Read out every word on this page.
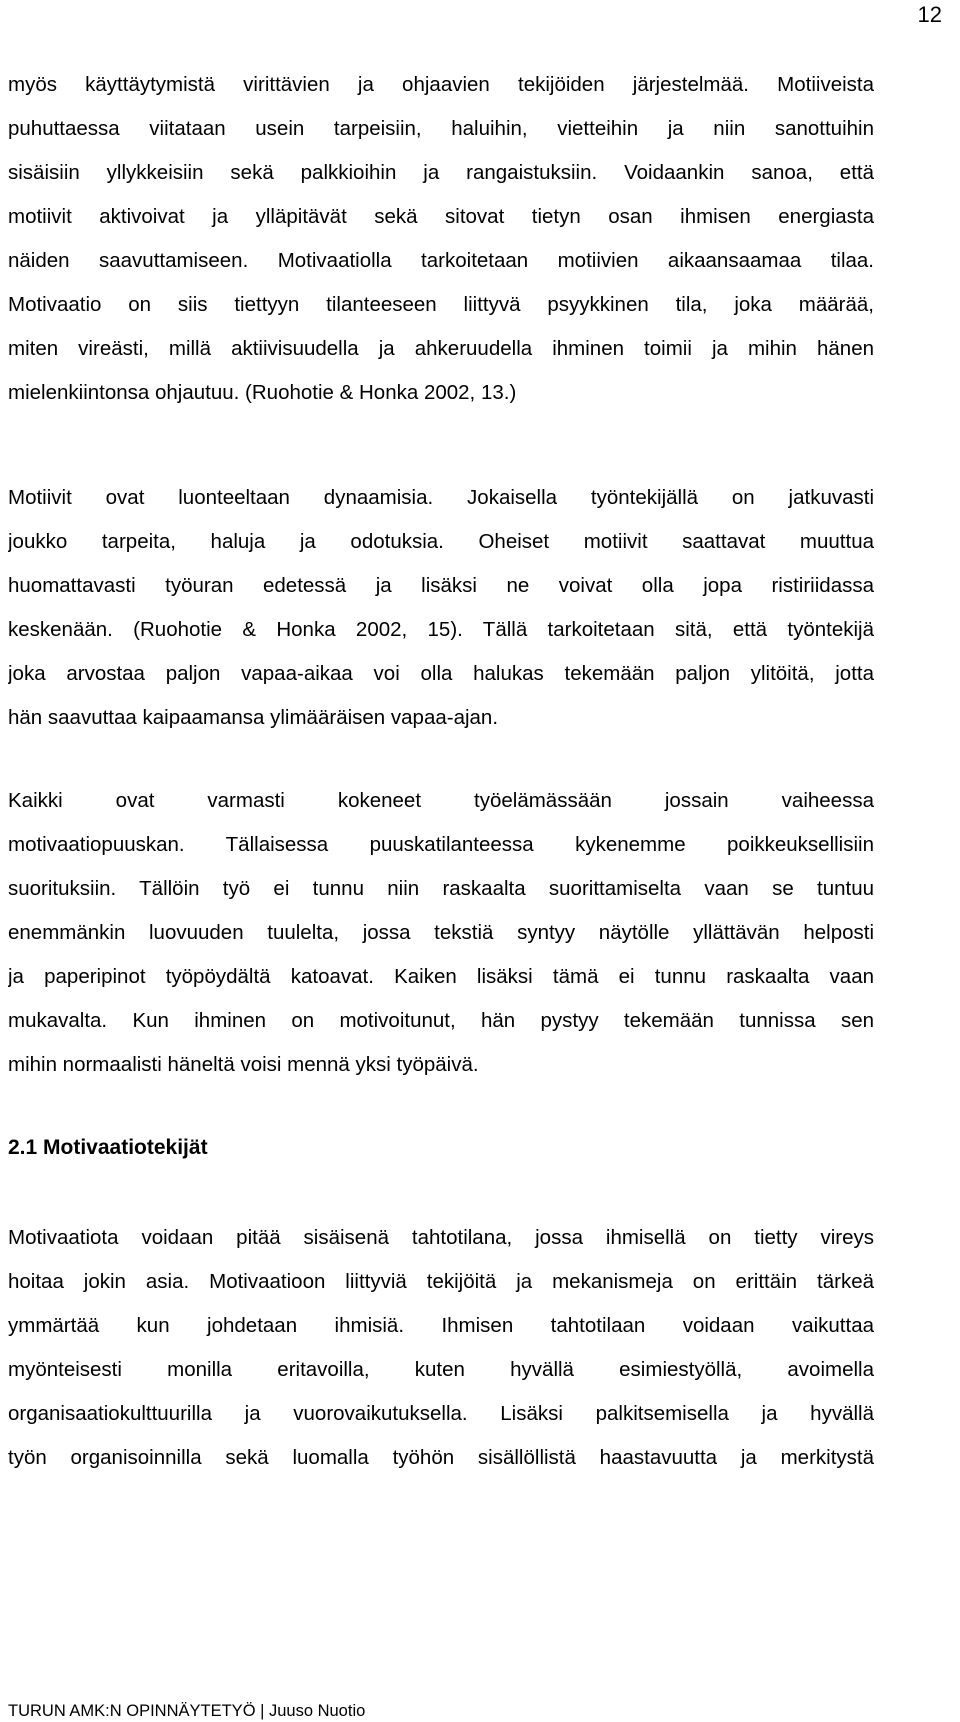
12

myös käyttäytymistä virittävien ja ohjaavien tekijöiden järjestelmää. Motiiveista
puhuttaessa viitataan usein tarpeisiin, haluihin, vietteihin ja niin sanottuihin
sisäisiin yllykkeisiin sekä palkkioihin ja rangaistuksiin. Voidaankin sanoa, että
motiivit aktivoivat ja ylläpitävät sekä sitovat tietyn osan ihmisen energiasta
näiden saavuttamiseen. Motivaatiolla tarkoitetaan motiivien aikaansaamaa tilaa.
Motivaatio on siis tiettyyn tilanteeseen liittyvä psyykkinen tila, joka määrää,
miten vireästi, millä aktiivisuudella ja ahkeruudella ihminen toimii ja mihin hänen
mielenkiintonsa ohjautuu. (Ruohotie & Honka 2002, 13.)

Motiivit ovat luonteeltaan dynaamisia. Jokaisella työntekijällä on jatkuvasti
joukko tarpeita, haluja ja odotuksia. Oheiset motiivit saattavat muuttua
huomattavasti työuran edetessä ja lisäksi ne voivat olla jopa ristiriidassa
keskenään. (Ruohotie & Honka 2002, 15). Tällä tarkoitetaan sitä, että työntekijä
joka arvostaa paljon vapaa-aikaa voi olla halukas tekemään paljon ylitöitä, jotta
hän saavuttaa kaipaamansa ylimääräisen vapaa-ajan.

Kaikki ovat varmasti kokeneet työelämässään jossain vaiheessa
motivaatiopuuskan. Tällaisessa puuskatilanteessa kykenemme poikkeuksellisiin
suorituksiin. Tällöin työ ei tunnu niin raskaalta suorittamiselta vaan se tuntuu
enemmänkin luovuuden tuulelta, jossa tekstiä syntyy näytölle yllättävän helposti
ja paperipinot työpöydältä katoavat. Kaiken lisäksi tämä ei tunnu raskaalta vaan
mukavalta. Kun ihminen on motivoitunut, hän pystyy tekemään tunnissa sen
mihin normaalisti häneltä voisi mennä yksi työpäivä.

2.1 Motivaatiotekijät

Motivaatiota voidaan pitää sisäisenä tahtotilana, jossa ihmisellä on tietty vireys
hoitaa jokin asia. Motivaatioon liittyviä tekijöitä ja mekanismeja on erittäin tärkeä
ymmärtää kun johdetaan ihmisiä. Ihmisen tahtotilaan voidaan vaikuttaa
myönteisesti monilla eritavoilla, kuten hyvällä esimiestyöllä, avoimella
organisaatiokulttuurilla ja vuorovaikutuksella. Lisäksi palkitsemisella ja hyvällä
työn organisoinnilla sekä luomalla työhön sisällöllistä haastavuutta ja merkitystä

TURUN AMK:N OPINNÄYTETYÖ | Juuso Nuotio
